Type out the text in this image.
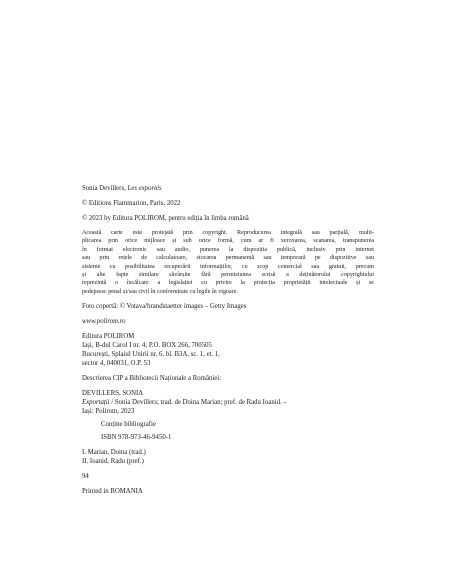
Sonia Devillers, Les exportés
© Editions Flammarion, Paris, 2022
© 2023 by Editura POLIROM, pentru ediția în limba română
Această carte este protejată prin copyright. Reproducerea integrală sau parțială, multi-
plicarea prin orice mijloace și sub orice formă, cum ar fi xeroxarea, scanarea, transpunerea
în format electronic sau audio, punerea la dispoziția publică, inclusiv prin internet
sau prin rețele de calculatoare, stocarea permanentă sau temporară pe dispozitive sau
sisteme cu posibilitatea recuperării informațiilor, cu scop comercial sau gratuit, precum
și alte fapte similare săvârșite fără permisiunea scrisă a deținătorului copyrightului
reprezintă o încălcare a legislației cu privire la protecția proprietății intelectuale și se
pedepsesc penal și/sau civil în conformitate cu legile în vigoare.
Foto copertă: © Votava/brandstaetter images – Getty Images
www.polirom.ro
Editura POLIROM
Iași, B-dul Carol I nr. 4; P.O. BOX 266, 700505
București, Splaiul Unirii nr. 6, bl. B3A, sc. 1, et. 1,
sector 4, 040031, O.P. 53
Descrierea CIP a Bibliotecii Naționale a României:
DEVILLERS, SONIA
Exportații / Sonia Devillers; trad. de Doina Marian; pref. de Radu Ioanid. –
Iași: Polirom, 2023
Conține bibliografie
ISBN 978-973-46-9450-1
I. Marian, Doina (trad.)
II. Ioanid, Radu (pref.)
94
Printed in ROMANIA
